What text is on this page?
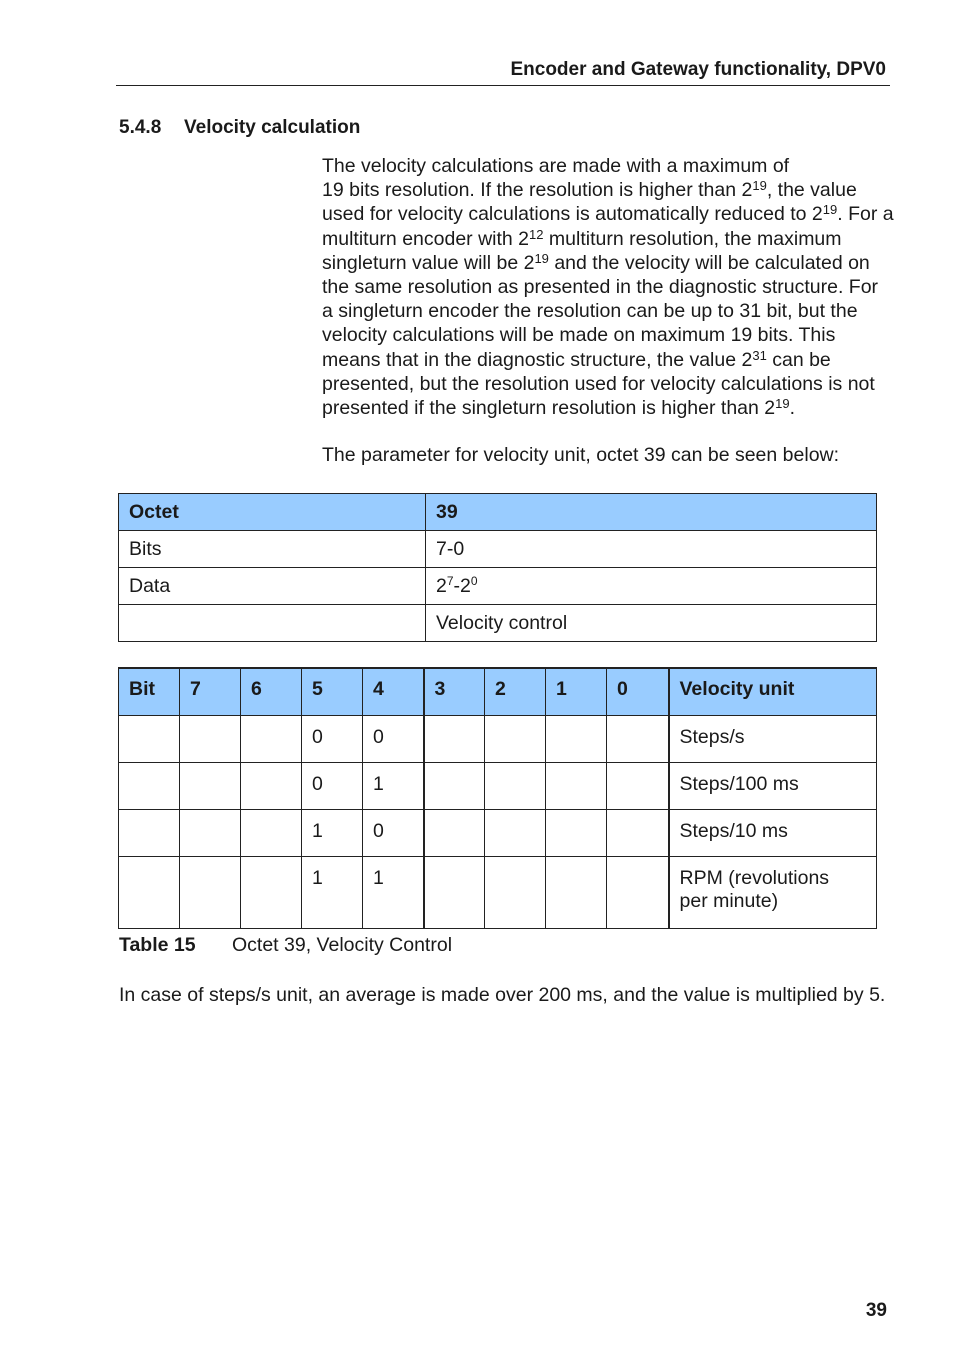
Encoder and Gateway functionality, DPV0
5.4.8 Velocity calculation
The velocity calculations are made with a maximum of
19 bits resolution. If the resolution is higher than $2^{19}$, the value
used for velocity calculations is automatically reduced to $2^{19}$. For a
multiturn encoder with $2^{12}$ multiturn resolution, the maximum
singleturn value will be $2^{19}$ and the velocity will be calculated on
the same resolution as presented in the diagnostic structure. For
a singleturn encoder the resolution can be up to 31 bit, but the
velocity calculations will be made on maximum 19 bits. This
means that in the diagnostic structure, the value $2^{31}$ can be
presented, but the resolution used for velocity calculations is not
presented if the singleturn resolution is higher than $2^{19}$.
The parameter for velocity unit, octet 39 can be seen below:
Octet	39
Bits	7-0
Data	$2^7-2^0$
	Velocity control
Bit	7	6	5	4	3	2	1	0	Velocity unit
			0	0					Steps/s
			0	1					Steps/100 ms
			1	0					Steps/10 ms
			1	1					RPM (revolutions
per minute)
Table 15 Octet 39, Velocity Control
In case of steps/s unit, an average is made over 200 ms, and the value is multiplied by 5.
39
